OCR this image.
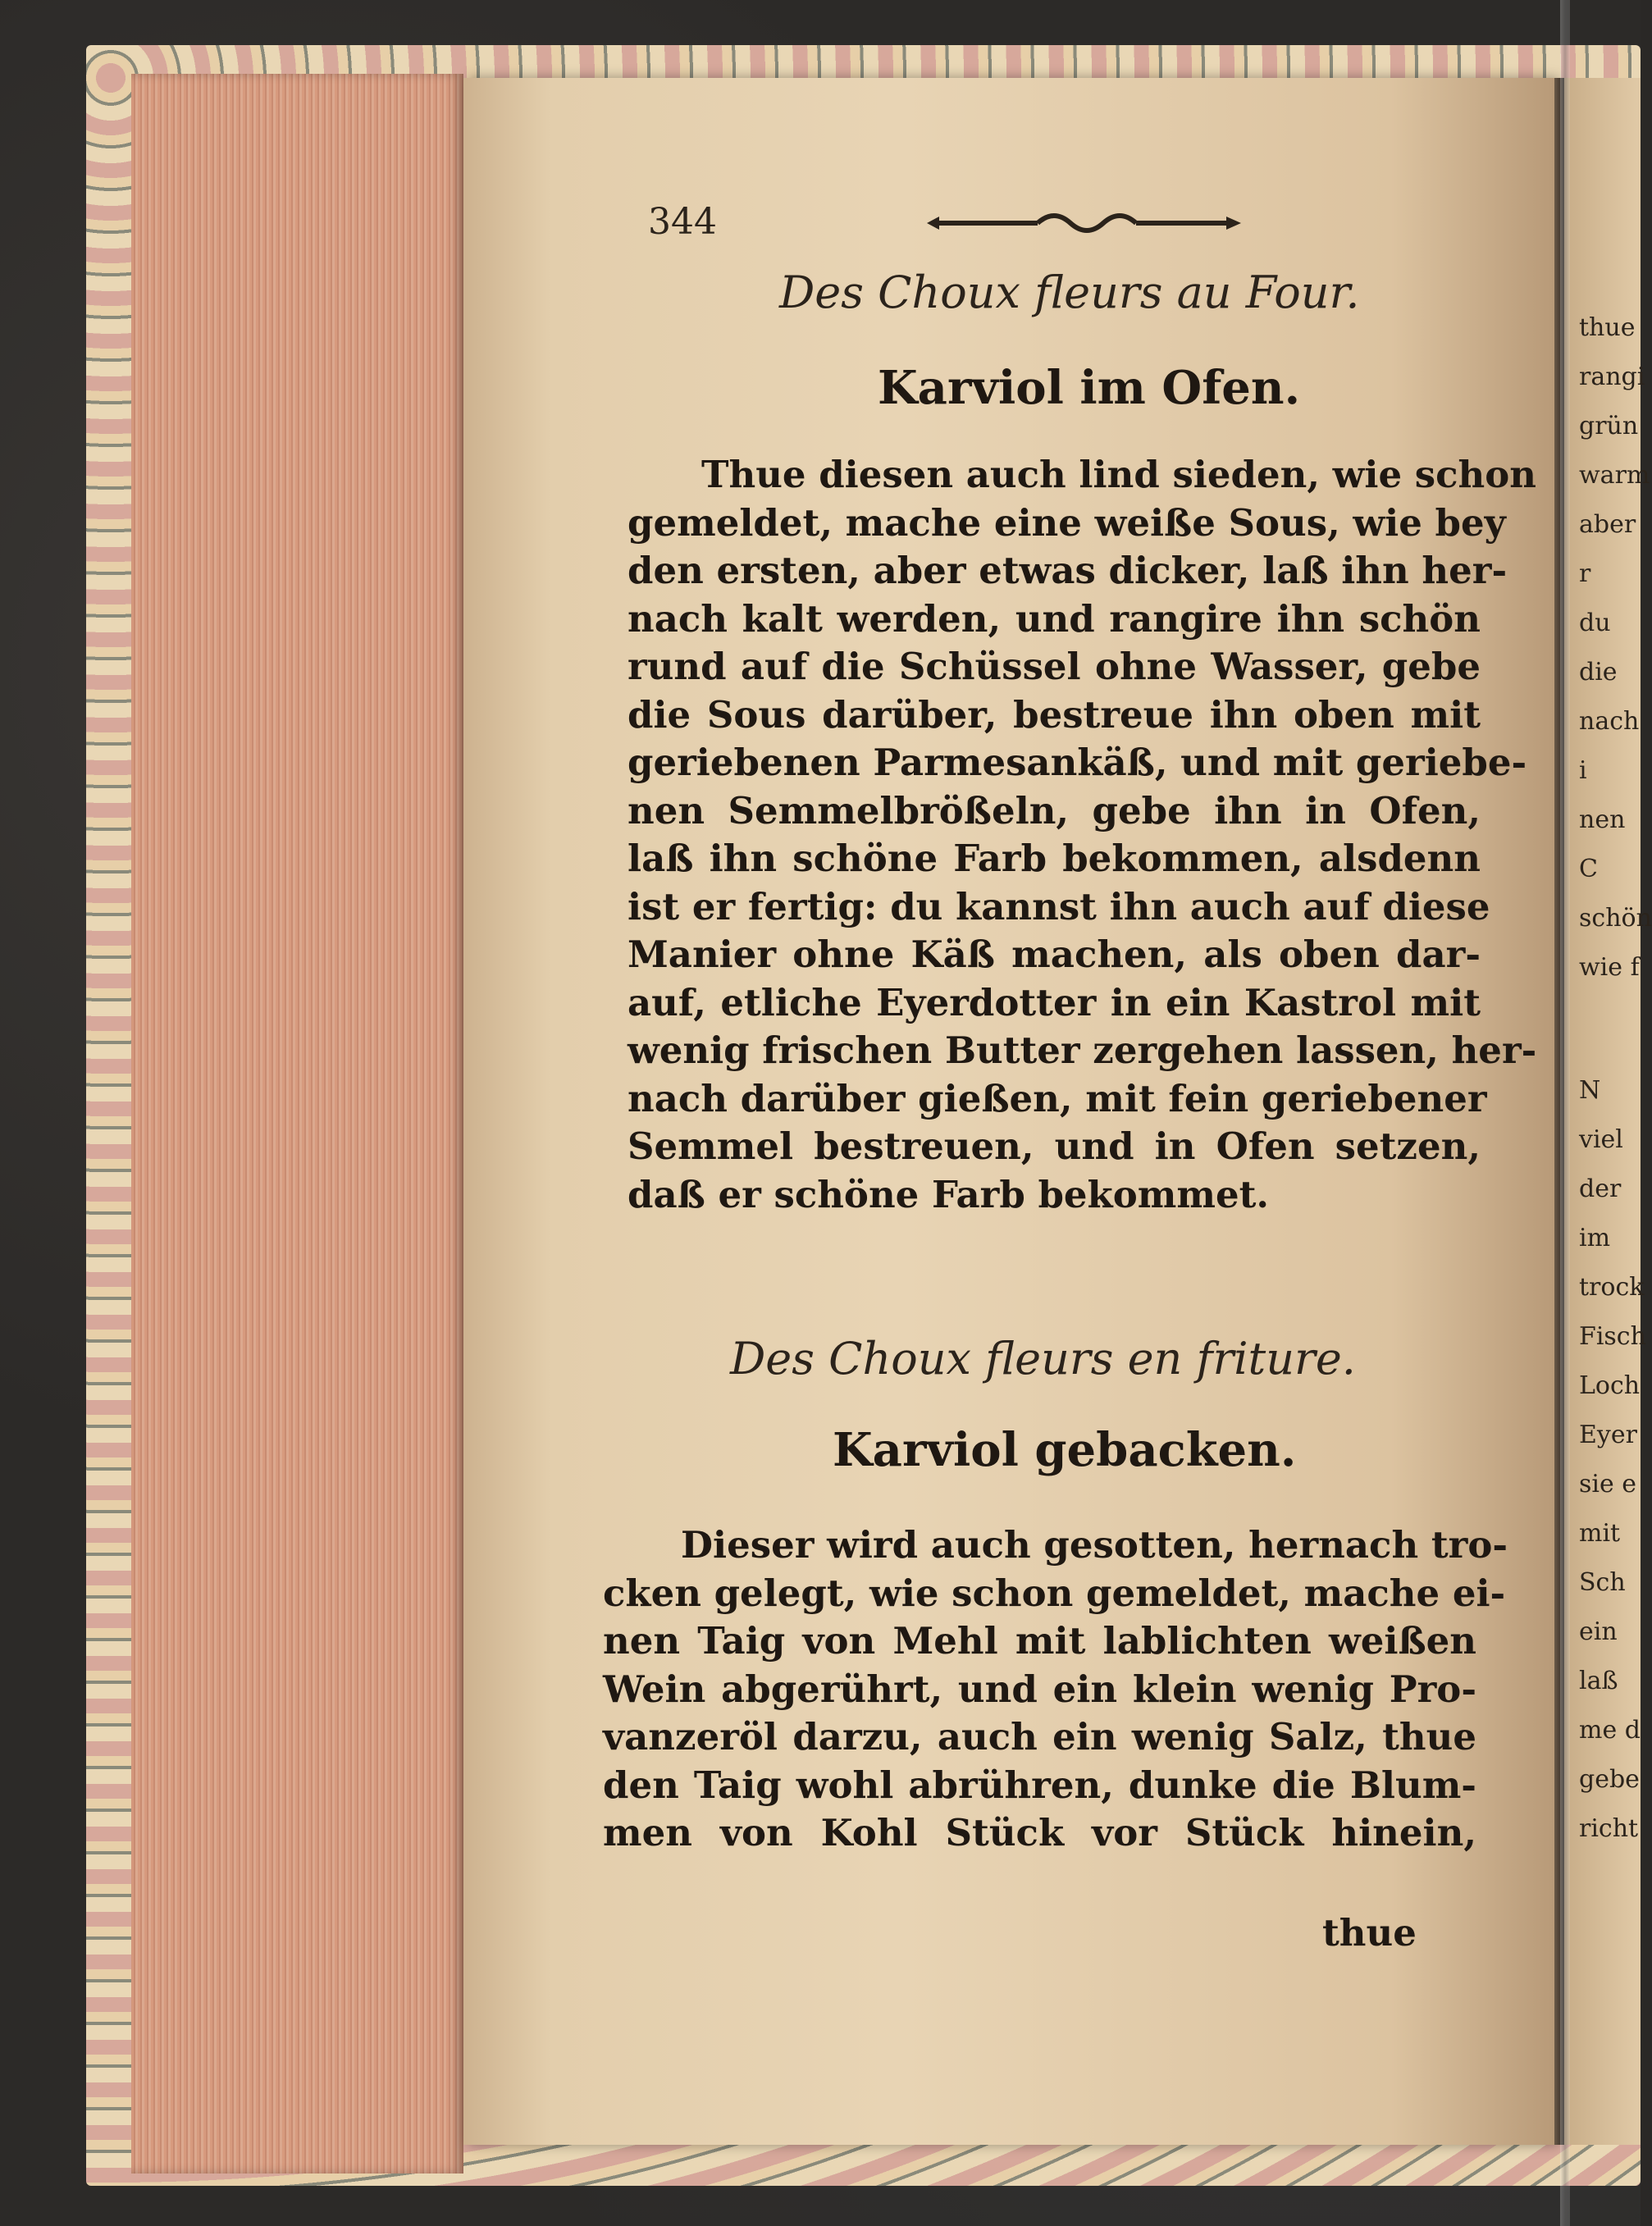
344
Des Choux fleurs au Four.
Karviol im Ofen.
Thue diesen auch lind sieden, wie schon
gemeldet, mache eine weiße Sous, wie bey
den ersten, aber etwas dicker, laß ihn her-
nach kalt werden, und rangire ihn schön
rund auf die Schüssel ohne Wasser, gebe
die Sous darüber, bestreue ihn oben mit
geriebenen Parmesankäß, und mit geriebe-
nen Semmelbrößeln, gebe ihn in Ofen,
laß ihn schöne Farb bekommen, alsdenn
ist er fertig: du kannst ihn auch auf diese
Manier ohne Käß machen, als oben dar-
auf, etliche Eyerdotter in ein Kastrol mit
wenig frischen Butter zergehen lassen, her-
nach darüber gießen, mit fein geriebener
Semmel bestreuen, und in Ofen setzen,
daß er schöne Farb bekommet.
Des Choux fleurs en friture.
Karviol gebacken.
Dieser wird auch gesotten, hernach tro-
cken gelegt, wie schon gemeldet, mache ei-
nen Taig von Mehl mit lablichten weißen
Wein abgerührt, und ein klein wenig Pro-
vanzeröl darzu, auch ein wenig Salz, thue
den Taig wohl abrühren, dunke die Blum-
men von Kohl Stück vor Stück hinein,
thue
thue
rangi
grün
warm
aber r
du die
nach i
nen C
schön
wie f
N
viel
der
im
trock
Fisch
Loch
Eyer
sie e
mit
Sch
ein
laß
me d
gebe
richt
